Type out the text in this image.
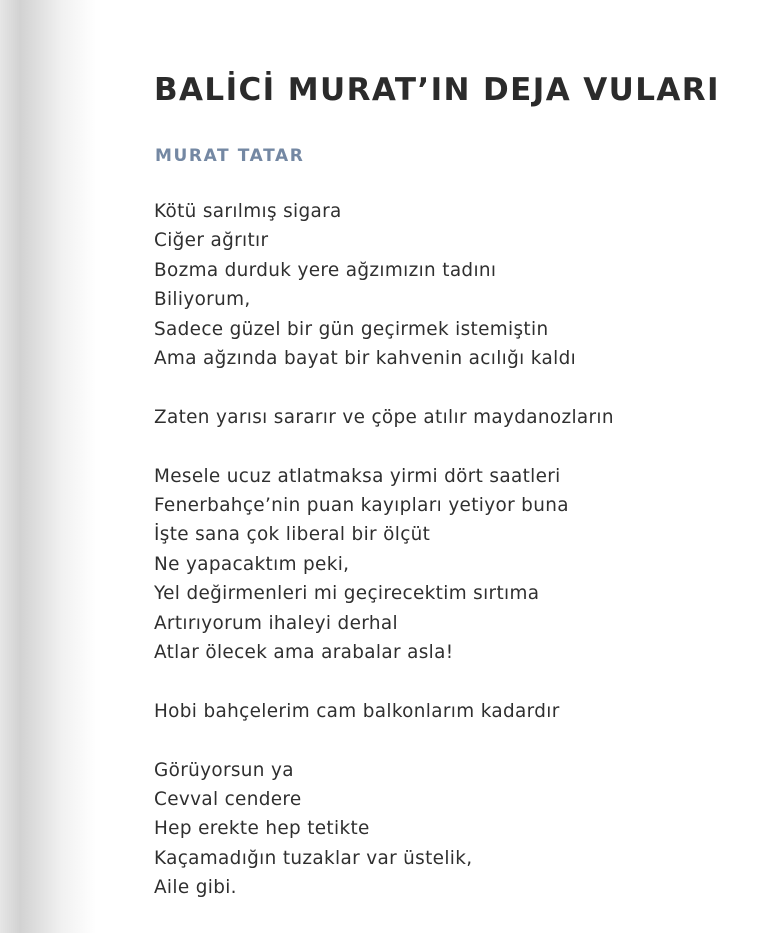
BALİCİ MURAT’IN DEJA VULARI
MURAT TATAR
Kötü sarılmış sigara
Ciğer ağrıtır
Bozma durduk yere ağzımızın tadını
Biliyorum,
Sadece güzel bir gün geçirmek istemiştin
Ama ağzında bayat bir kahvenin acılığı kaldı
Zaten yarısı sararır ve çöpe atılır maydanozların
Mesele ucuz atlatmaksa yirmi dört saatleri
Fenerbahçe’nin puan kayıpları yetiyor buna
İşte sana çok liberal bir ölçüt
Ne yapacaktım peki,
Yel değirmenleri mi geçirecektim sırtıma
Artırıyorum ihaleyi derhal
Atlar ölecek ama arabalar asla!
Hobi bahçelerim cam balkonlarım kadardır
Görüyorsun ya
Cevval cendere
Hep erekte hep tetikte
Kaçamadığın tuzaklar var üstelik,
Aile gibi.
